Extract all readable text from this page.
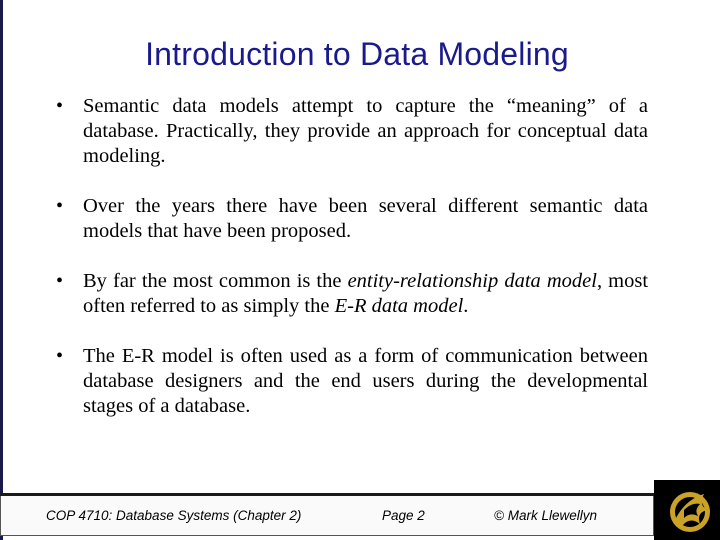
Introduction to Data Modeling
• Semantic data models attempt to capture the “meaning” of a database. Practically, they provide an approach for conceptual data modeling.
• Over the years there have been several different semantic data models that have been proposed.
• By far the most common is the entity-relationship data model, most often referred to as simply the E-R data model.
• The E-R model is often used as a form of communication between database designers and the end users during the developmental stages of a database.
COP 4710: Database Systems (Chapter 2)	Page 2	© Mark Llewellyn
